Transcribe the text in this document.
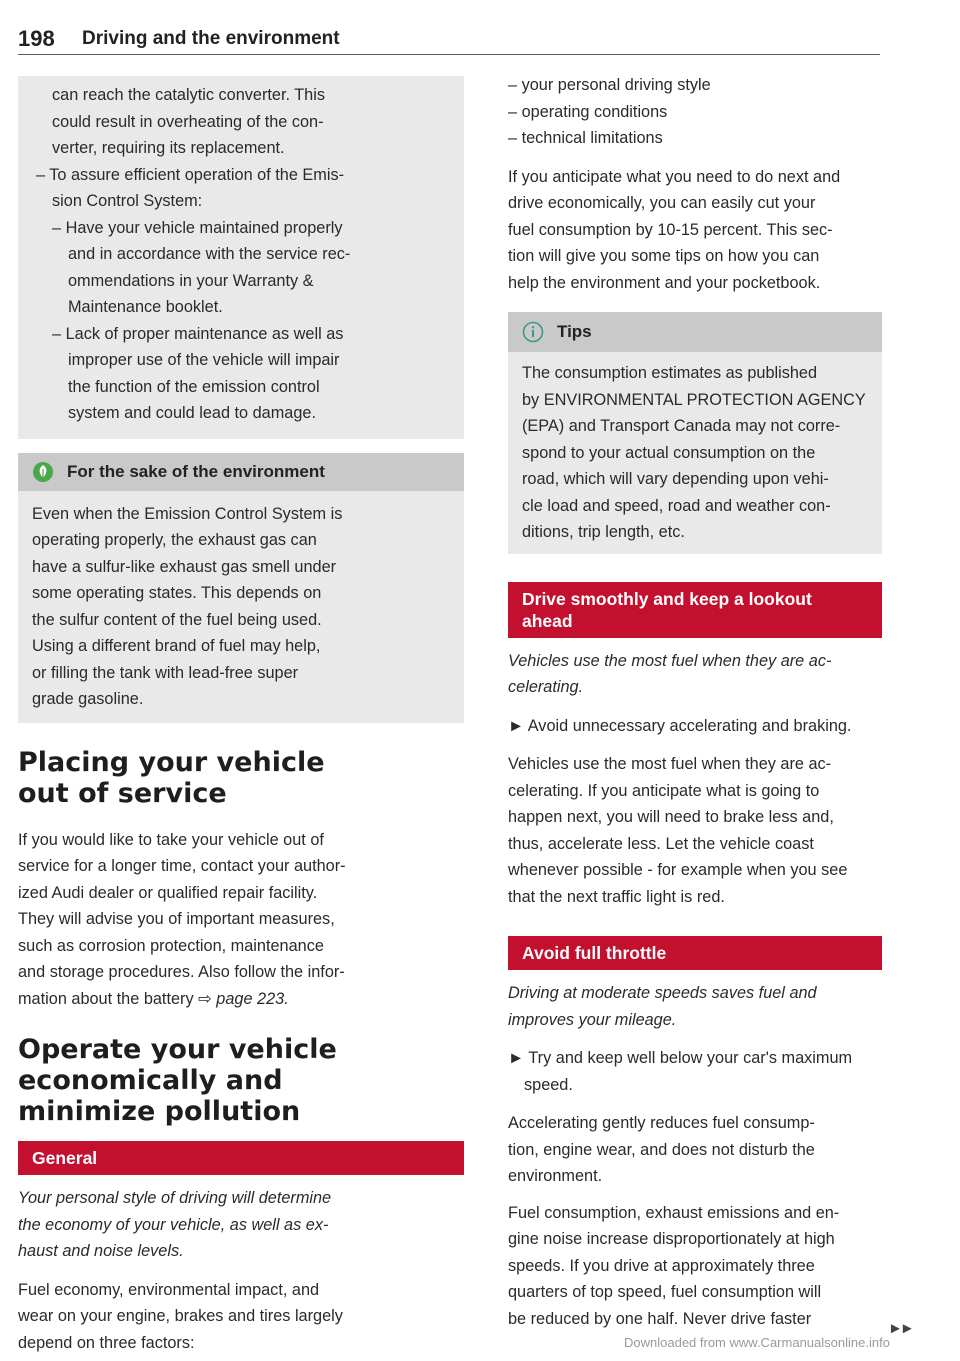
198 Driving and the environment

can reach the catalytic converter. This

could result in overheating of the con-

verter, requiring its replacement.

– To assure efficient operation of the Emis-

sion Control System:

– Have your vehicle maintained properly

and in accordance with the service rec-

ommendations in your Warranty &

Maintenance booklet.

– Lack of proper maintenance as well as

improper use of the vehicle will impair

the function of the emission control

system and could lead to damage.

For the sake of the environment

Even when the Emission Control System is

operating properly, the exhaust gas can

have a sulfur-like exhaust gas smell under

some operating states. This depends on

the sulfur content of the fuel being used.

Using a different brand of fuel may help,

or filling the tank with lead-free super

grade gasoline.

Placing your vehicle

out of service

If you would like to take your vehicle out of

service for a longer time, contact your author-

ized Audi dealer or qualified repair facility.

They will advise you of important measures,

such as corrosion protection, maintenance

and storage procedures. Also follow the infor-

mation about the battery ⇨ page 223.

Operate your vehicle

economically and

minimize pollution

General

Your personal style of driving will determine

the economy of your vehicle, as well as ex-

haust and noise levels.

Fuel economy, environmental impact, and

wear on your engine, brakes and tires largely

depend on three factors:

– your personal driving style

– operating conditions

– technical limitations

If you anticipate what you need to do next and

drive economically, you can easily cut your

fuel consumption by 10-15 percent. This sec-

tion will give you some tips on how you can

help the environment and your pocketbook.

Tips

The consumption estimates as published

by ENVIRONMENTAL PROTECTION AGENCY

(EPA) and Transport Canada may not corre-

spond to your actual consumption on the

road, which will vary depending upon vehi-

cle load and speed, road and weather con-

ditions, trip length, etc.

Drive smoothly and keep a lookout
ahead

Vehicles use the most fuel when they are ac-

celerating.

► Avoid unnecessary accelerating and braking.

Vehicles use the most fuel when they are ac-

celerating. If you anticipate what is going to

happen next, you will need to brake less and,

thus, accelerate less. Let the vehicle coast

whenever possible - for example when you see

that the next traffic light is red.

Avoid full throttle

Driving at moderate speeds saves fuel and

improves your mileage.

► Try and keep well below your car's maximum

speed.

Accelerating gently reduces fuel consump-

tion, engine wear, and does not disturb the

environment.

Fuel consumption, exhaust emissions and en-

gine noise increase disproportionately at high

speeds. If you drive at approximately three

quarters of top speed, fuel consumption will

be reduced by one half. Never drive faster

►►
Downloaded from www.Carmanualsonline.info
